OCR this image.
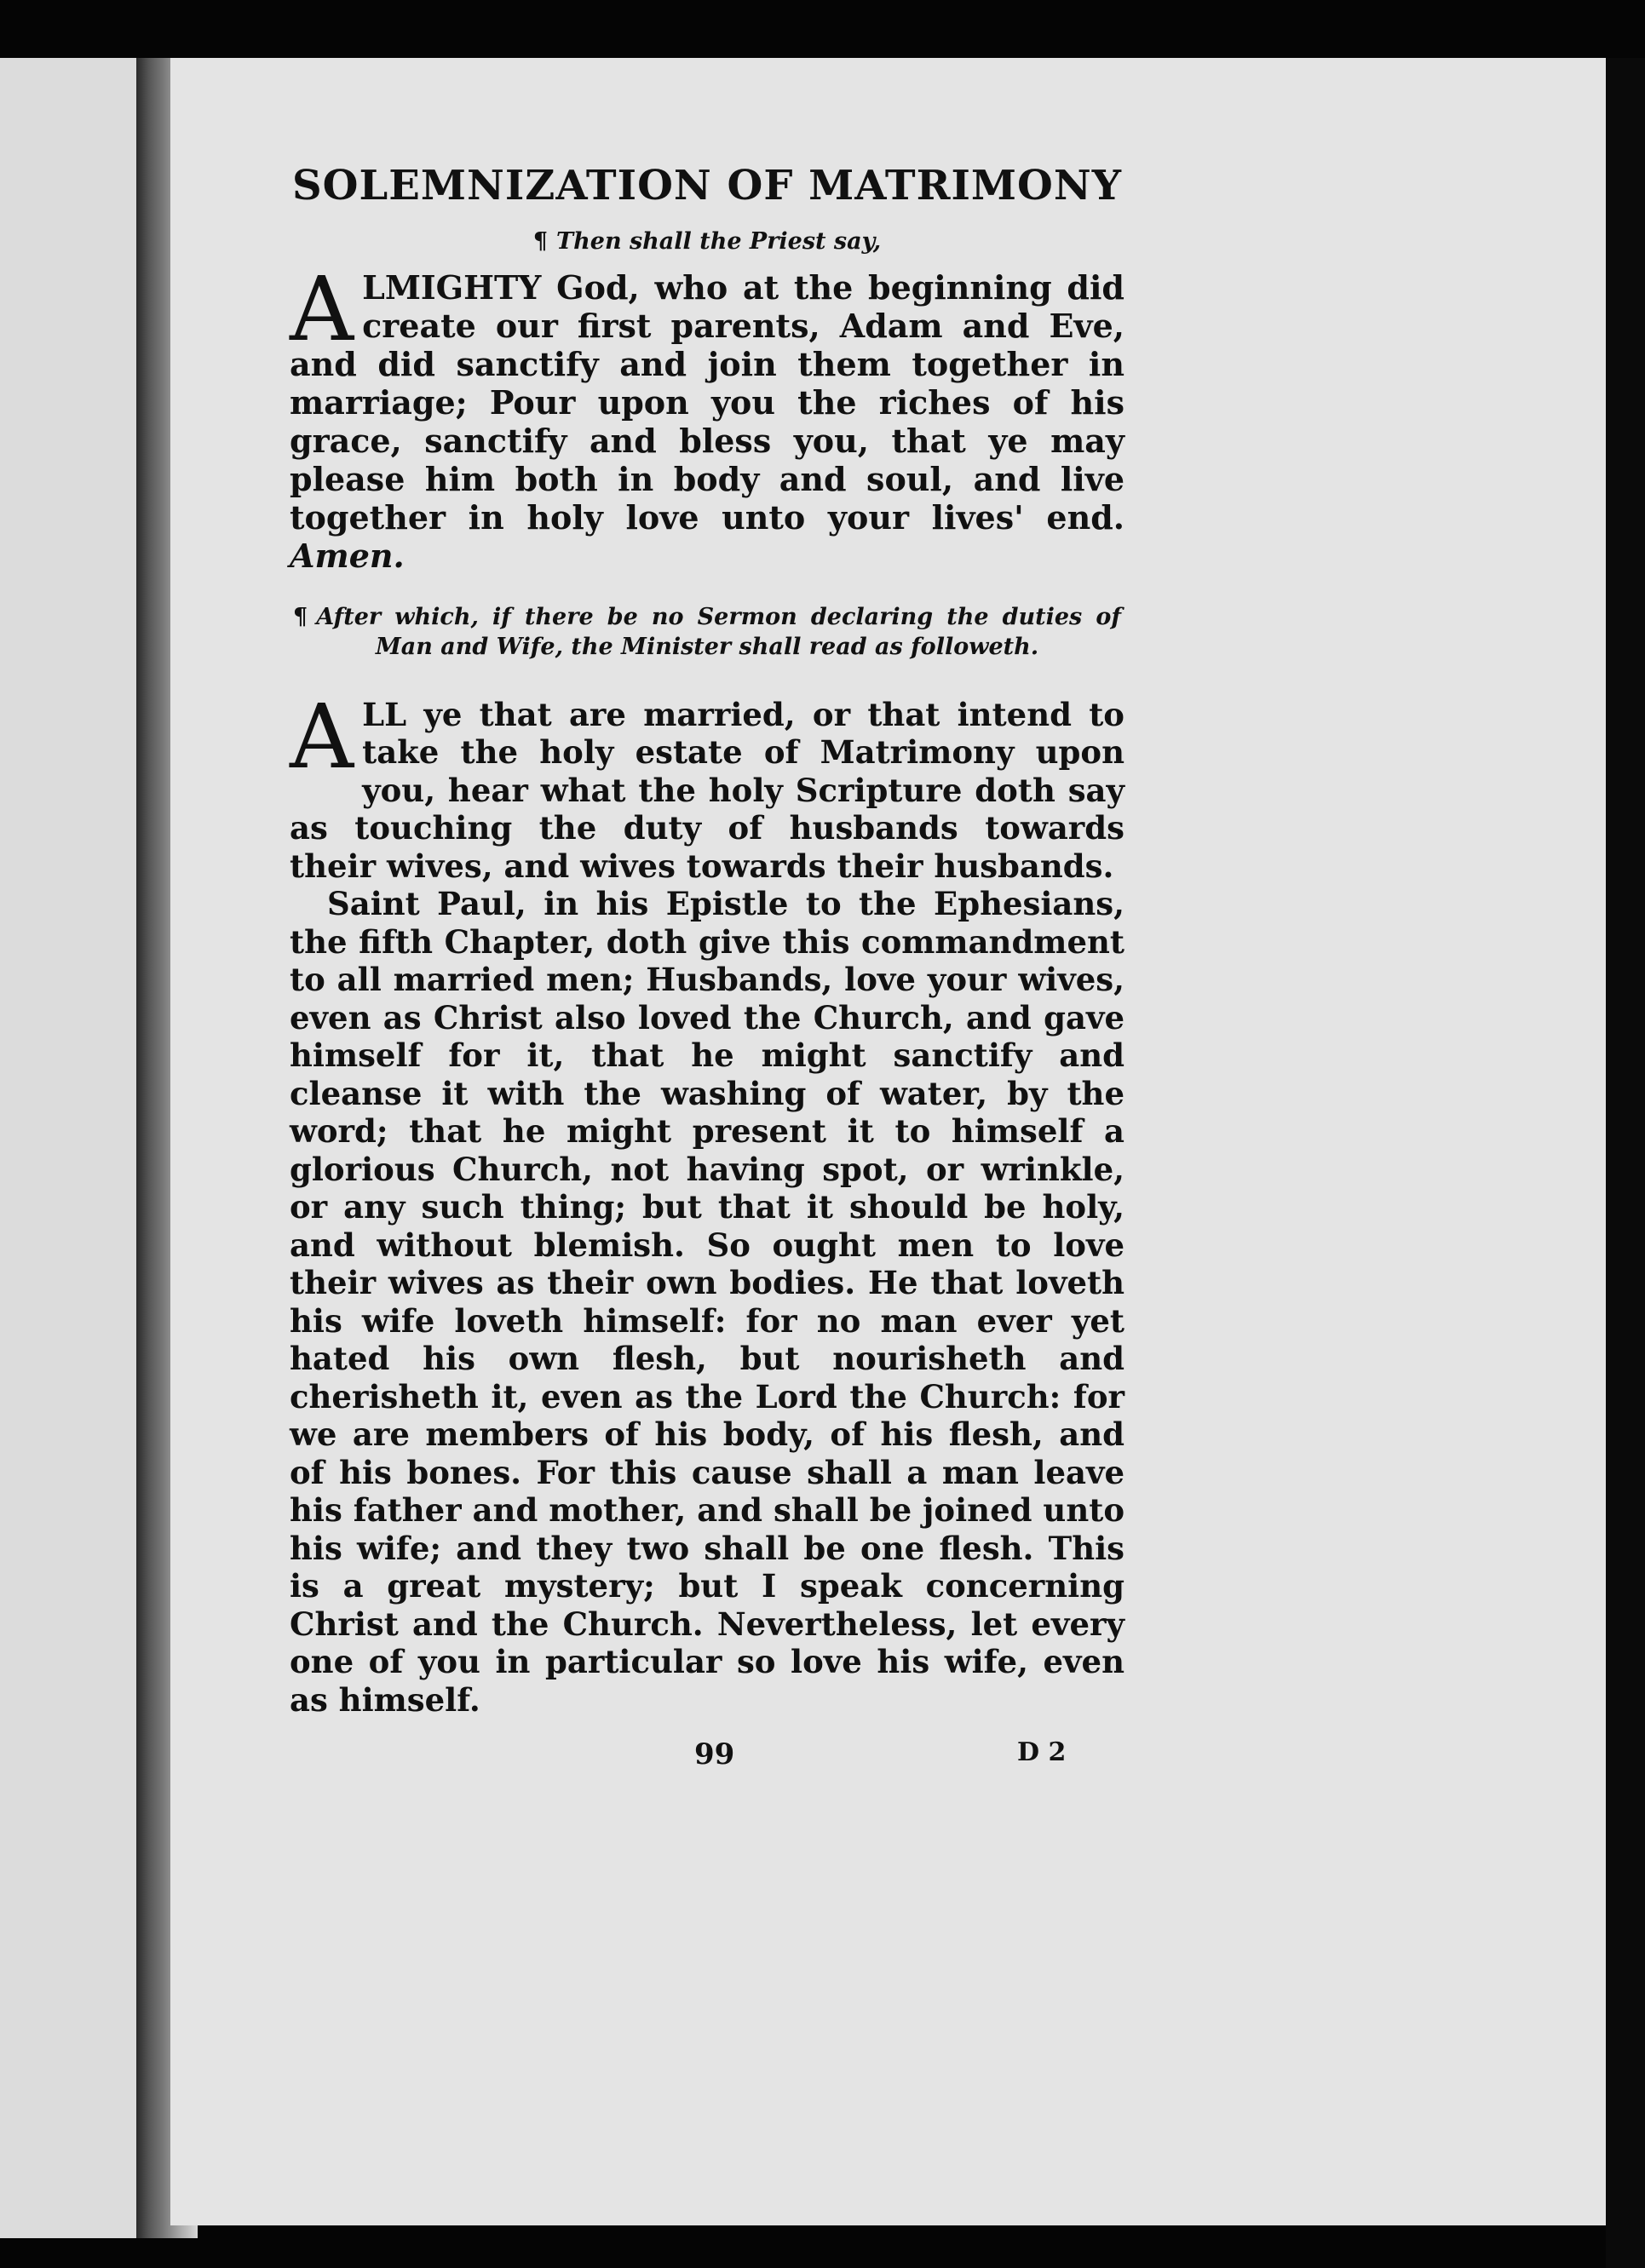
SOLEMNIZATION OF MATRIMONY
¶ Then shall the Priest say,

ALMIGHTY God, who at the beginning did create our first parents, Adam and Eve, and did sanctify and join them together in marriage; Pour upon you the riches of his grace, sanctify and bless you, that ye may please him both in body and soul, and live together in holy love unto your lives' end. Amen.

¶ After which, if there be no Sermon declaring the duties of Man and Wife, the Minister shall read as followeth.

ALL ye that are married, or that intend to take the holy estate of Matrimony upon you, hear what the holy Scripture doth say as touching the duty of husbands towards their wives, and wives towards their husbands.

Saint Paul, in his Epistle to the Ephesians, the fifth Chapter, doth give this commandment to all married men; Husbands, love your wives, even as Christ also loved the Church, and gave himself for it, that he might sanctify and cleanse it with the washing of water, by the word; that he might present it to himself a glorious Church, not having spot, or wrinkle, or any such thing; but that it should be holy, and without blemish. So ought men to love their wives as their own bodies. He that loveth his wife loveth himself: for no man ever yet hated his own flesh, but nourisheth and cherisheth it, even as the Lord the Church: for we are members of his body, of his flesh, and of his bones. For this cause shall a man leave his father and mother, and shall be joined unto his wife; and they two shall be one flesh. This is a great mystery; but I speak concerning Christ and the Church. Nevertheless, let every one of you in particular so love his wife, even as himself.

99	D 2
